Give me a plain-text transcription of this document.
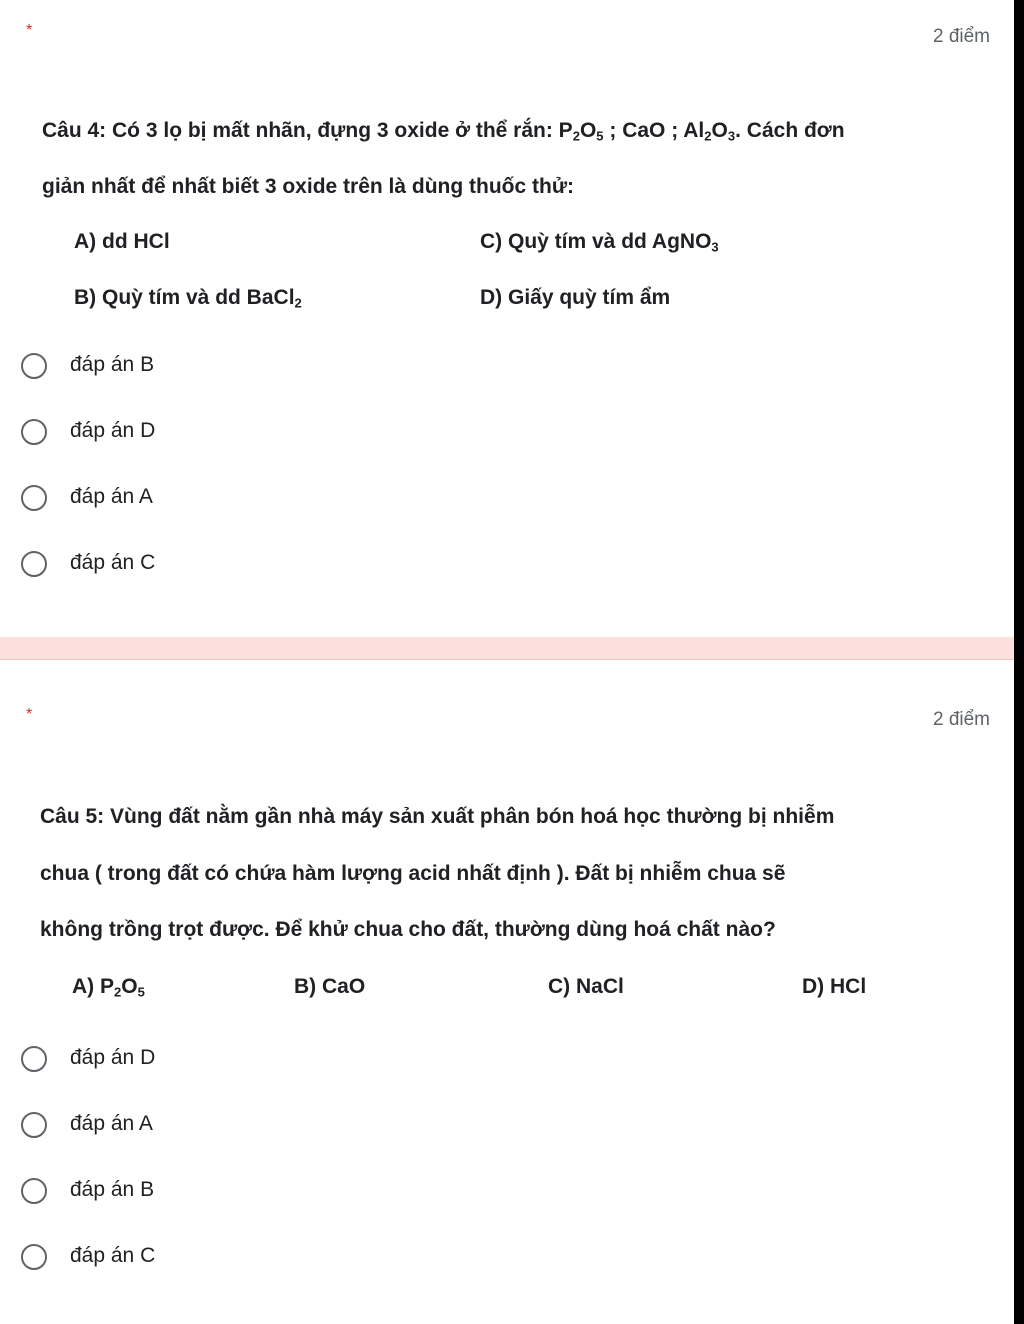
*	2 điểm
Câu 4: Có 3 lọ bị mất nhãn, đựng 3 oxide ở thể rắn: $P_2O_5$ ; CaO ; $Al_2O_3$. Cách đơn
giản nhất để nhất biết 3 oxide trên là dùng thuốc thử:
A) dd HCl	C) Quỳ tím và dd AgNO$_3$
B) Quỳ tím và dd BaCl$_2$	D) Giấy quỳ tím ẩm
đáp án B
đáp án D
đáp án A
đáp án C
*	2 điểm
Câu 5: Vùng đất nằm gần nhà máy sản xuất phân bón hoá học thường bị nhiễm
chua ( trong đất có chứa hàm lượng acid nhất định ). Đất bị nhiễm chua sẽ
không trồng trọt được. Để khử chua cho đất, thường dùng hoá chất nào?
A) $P_2O_5$	B) CaO	C) NaCl	D) HCl
đáp án D
đáp án A
đáp án B
đáp án C
